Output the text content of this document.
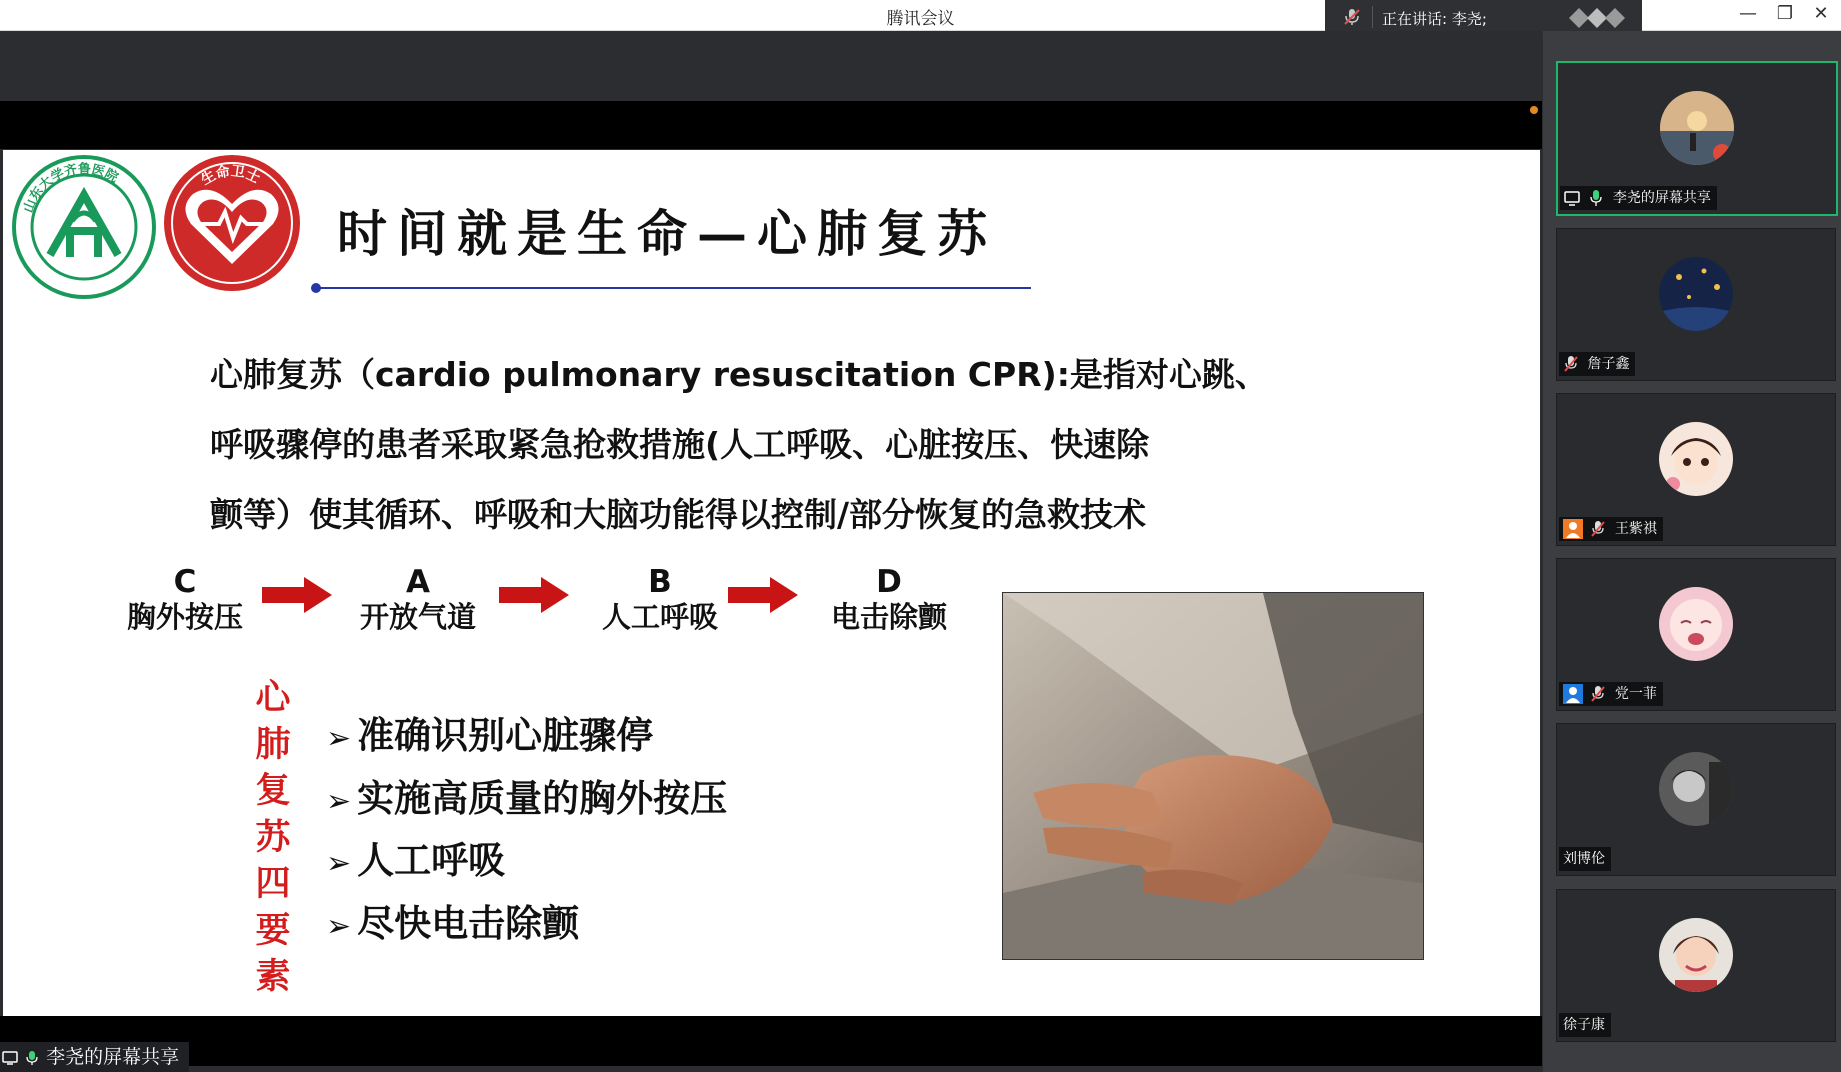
腾讯会议	—	❐	✕
正在讲话: 李尧;
山东大学齐鲁医院	生命卫士
时间就是生命—心肺复苏
心肺复苏（cardio pulmonary resuscitation CPR):是指对心跳、
呼吸骤停的患者采取紧急抢救措施(人工呼吸、心脏按压、快速除
颤等）使其循环、呼吸和大脑功能得以控制/部分恢复的急救技术
C
胸外按压
A
开放气道
B
人工呼吸
D
电击除颤
心
肺
复
苏
四
要
素
➢ 准确识别心脏骤停
➢ 实施高质量的胸外按压
➢ 人工呼吸
➢ 尽快电击除颤
李尧的屏幕共享
李尧的屏幕共享
詹子鑫
王紫祺
党一菲
刘博伦
徐子康
